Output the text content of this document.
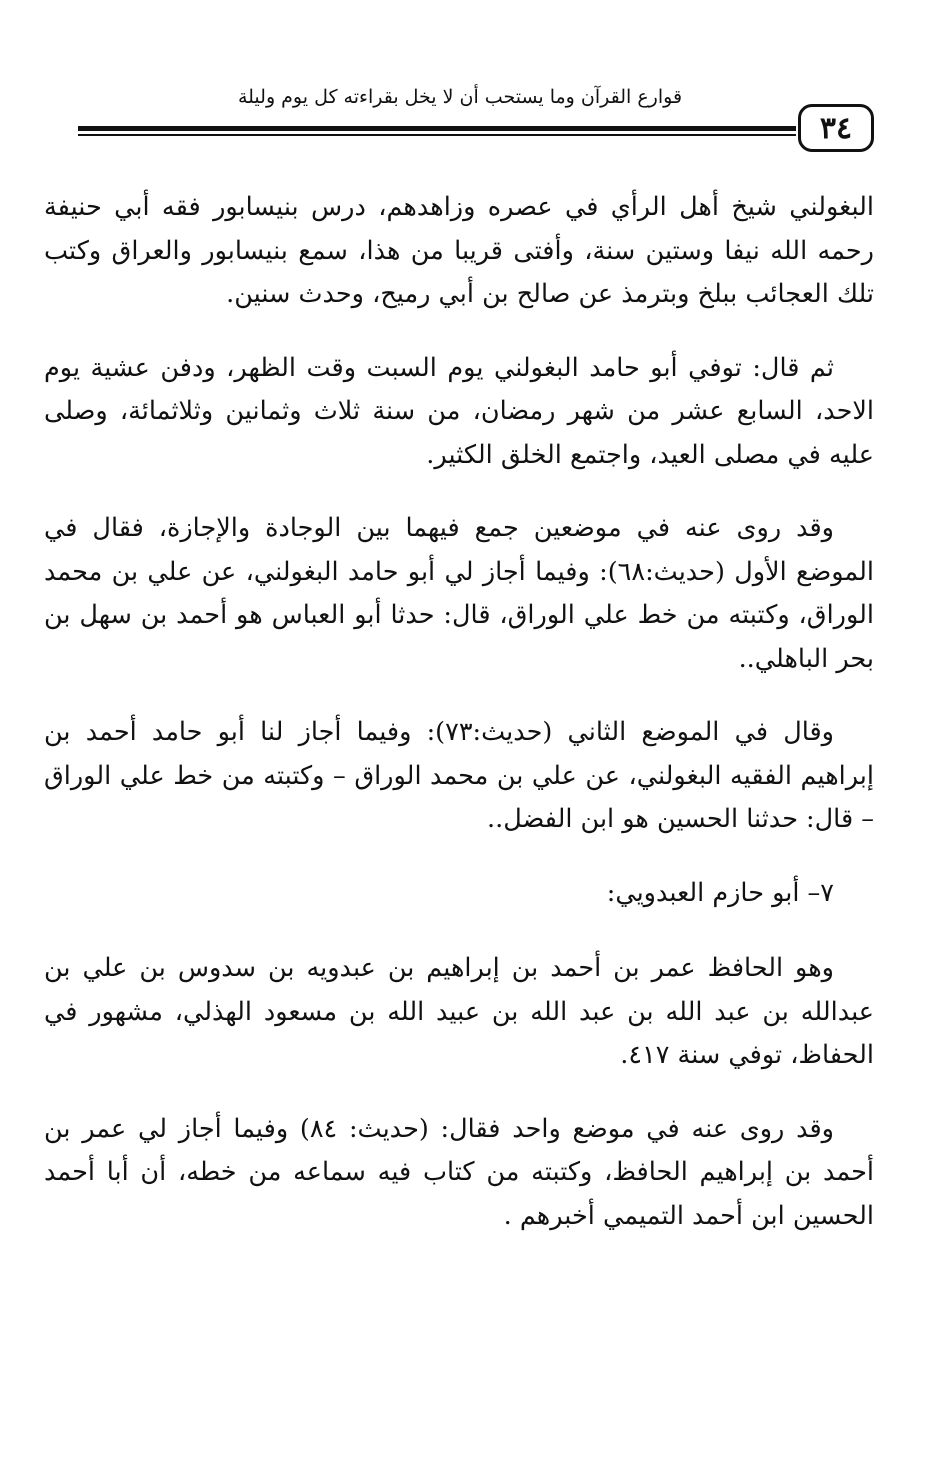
قوارع القرآن وما يستحب أن لا يخل بقراءته كل يوم وليلة
٣٤

البغولني شيخ أهل الرأي في عصره وزاهدهم، درس بنيسابور فقه أبي حنيفة رحمه الله نيفا وستين سنة، وأفتى قريبا من هذا، سمع بنيسابور والعراق وكتب تلك العجائب ببلخ وبترمذ عن صالح بن أبي رميح، وحدث سنين.

ثم قال: توفي أبو حامد البغولني يوم السبت وقت الظهر، ودفن عشية يوم الاحد، السابع عشر من شهر رمضان، من سنة ثلاث وثمانين وثلاثمائة، وصلى عليه في مصلى العيد، واجتمع الخلق الكثير.

وقد روى عنه في موضعين جمع فيهما بين الوجادة والإجازة، فقال في الموضع الأول (حديث:٦٨): وفيما أجاز لي أبو حامد البغولني، عن علي بن محمد الوراق، وكتبته من خط علي الوراق، قال: حدثا أبو العباس هو أحمد بن سهل بن بحر الباهلي..

وقال في الموضع الثاني (حديث:٧٣): وفيما أجاز لنا أبو حامد أحمد بن إبراهيم الفقيه البغولني، عن علي بن محمد الوراق – وكتبته من خط علي الوراق – قال: حدثنا الحسين هو ابن الفضل..

٧– أبو حازم العبدويي:

وهو الحافظ عمر بن أحمد بن إبراهيم بن عبدويه بن سدوس بن علي بن عبدالله بن عبد الله بن عبد الله بن عبيد الله بن مسعود الهذلي، مشهور في الحفاظ، توفي سنة ٤١٧.

وقد روى عنه في موضع واحد فقال: (حديث: ٨٤) وفيما أجاز لي عمر بن أحمد بن إبراهيم الحافظ، وكتبته من كتاب فيه سماعه من خطه، أن أبا أحمد الحسين ابن أحمد التميمي أخبرهم .
